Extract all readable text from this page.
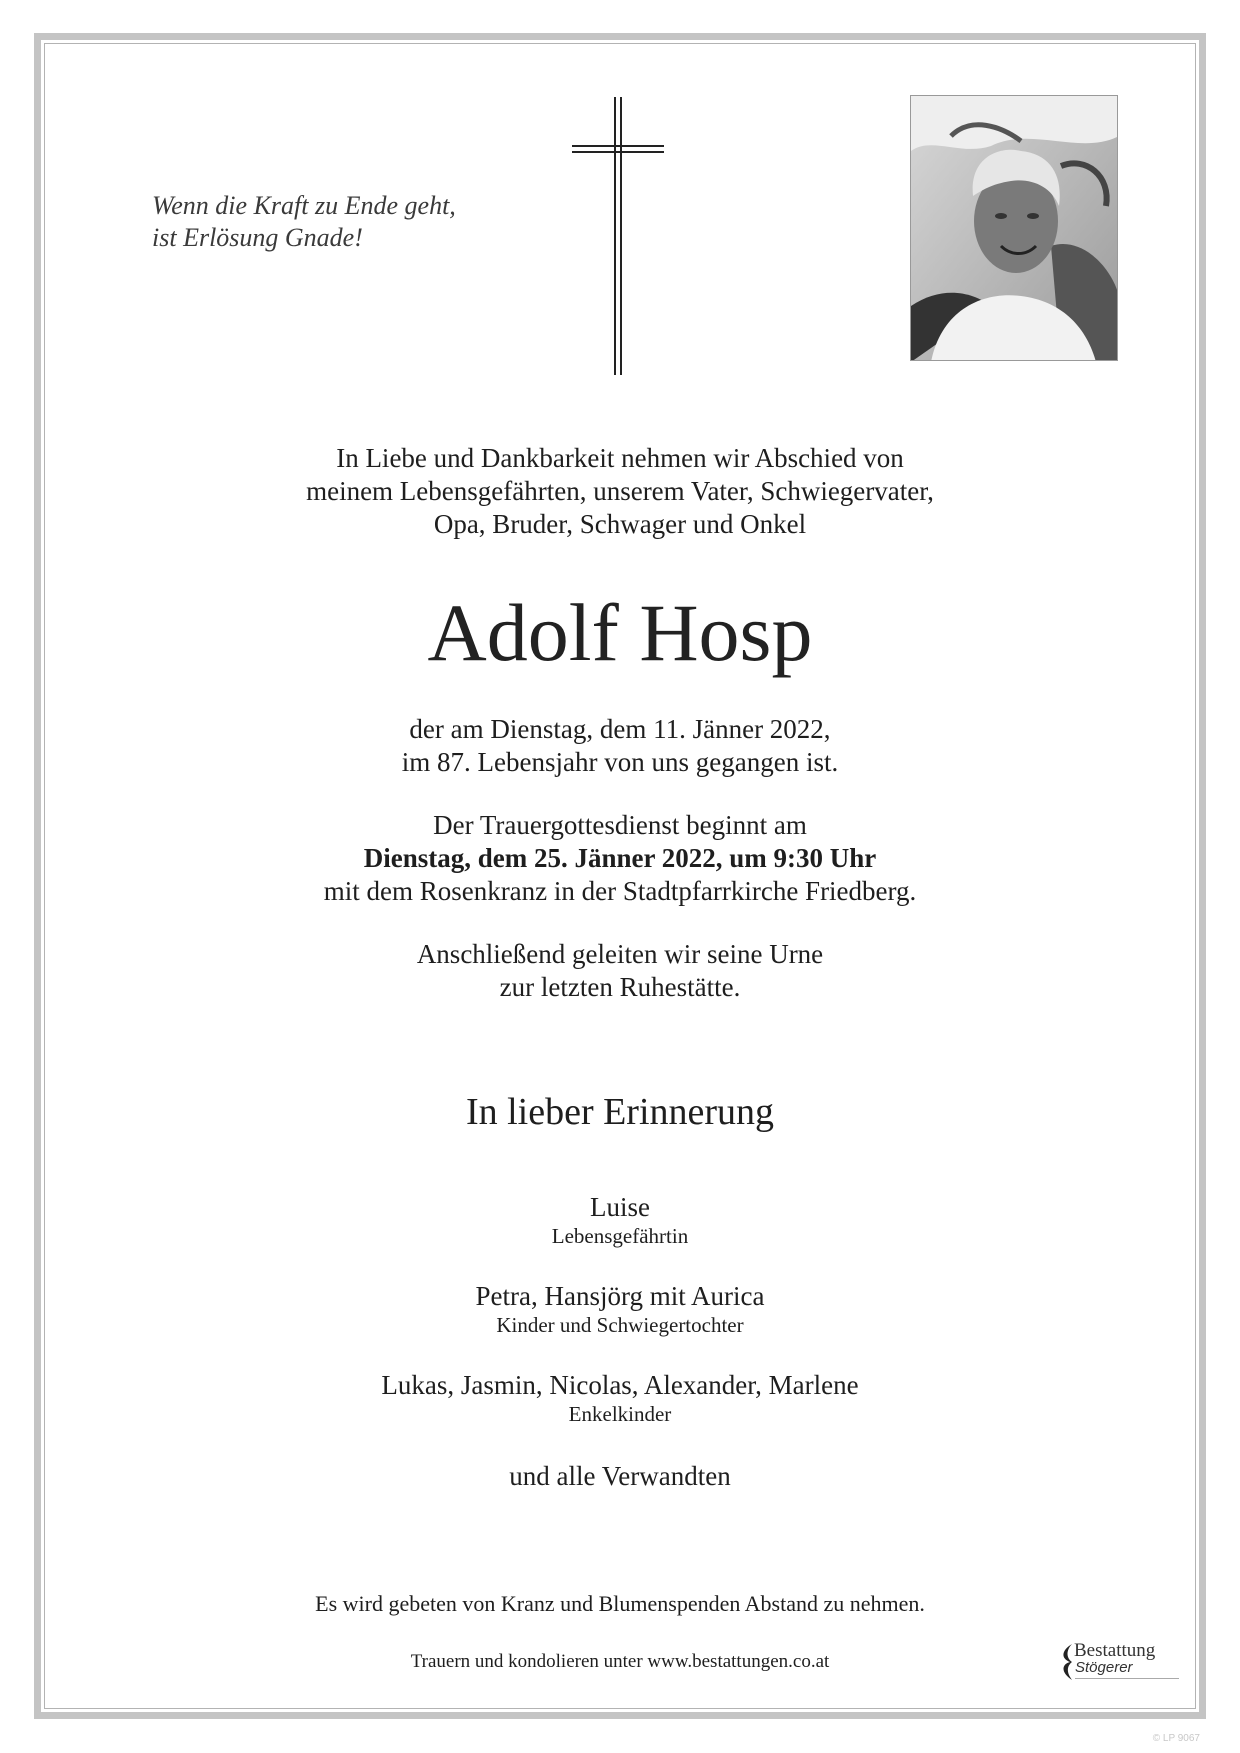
Wenn die Kraft zu Ende geht,
ist Erlösung Gnade!
In Liebe und Dankbarkeit nehmen wir Abschied von
meinem Lebensgefährten, unserem Vater, Schwiegervater,
Opa, Bruder, Schwager und Onkel
Adolf Hosp
der am Dienstag, dem 11. Jänner 2022,
im 87. Lebensjahr von uns gegangen ist.
Der Trauergottesdienst beginnt am
Dienstag, dem 25. Jänner 2022, um 9:30 Uhr
mit dem Rosenkranz in der Stadtpfarrkirche Friedberg.
Anschließend geleiten wir seine Urne
zur letzten Ruhestätte.
In lieber Erinnerung
Luise
Lebensgefährtin
Petra, Hansjörg mit Aurica
Kinder und Schwiegertochter
Lukas, Jasmin, Nicolas, Alexander, Marlene
Enkelkinder
und alle Verwandten
Es wird gebeten von Kranz und Blumenspenden Abstand zu nehmen.
Trauern und kondolieren unter www.bestattungen.co.at
Bestattung
Stögerer
© LP 9067
